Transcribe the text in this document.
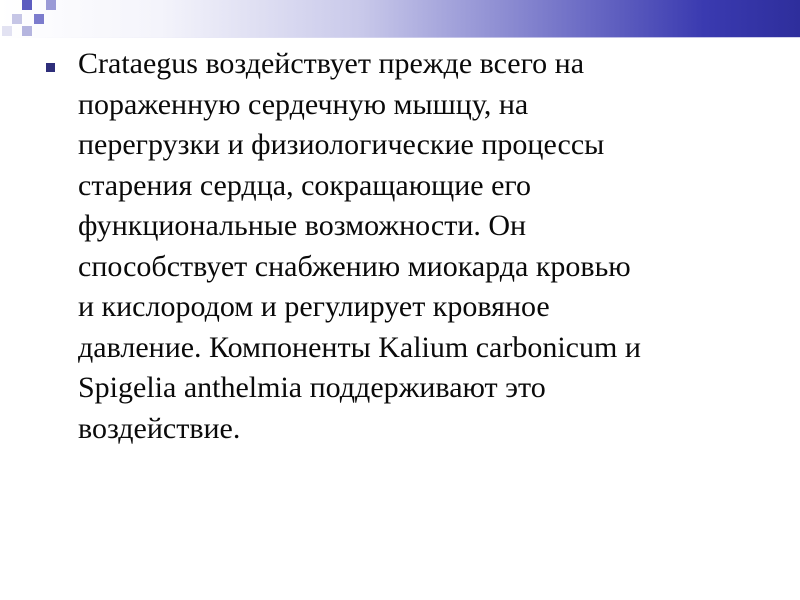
Crataegus воздействует прежде всего на
пораженную сердечную мышцу, на
перегрузки и физиологические процессы
старения сердца, сокращающие его
функциональные возможности. Он
способствует снабжению миокарда кровью
и кислородом и регулирует кровяное
давление. Компоненты Kalium carbonicum и
Spigelia anthelmia поддерживают это
воздействие.
